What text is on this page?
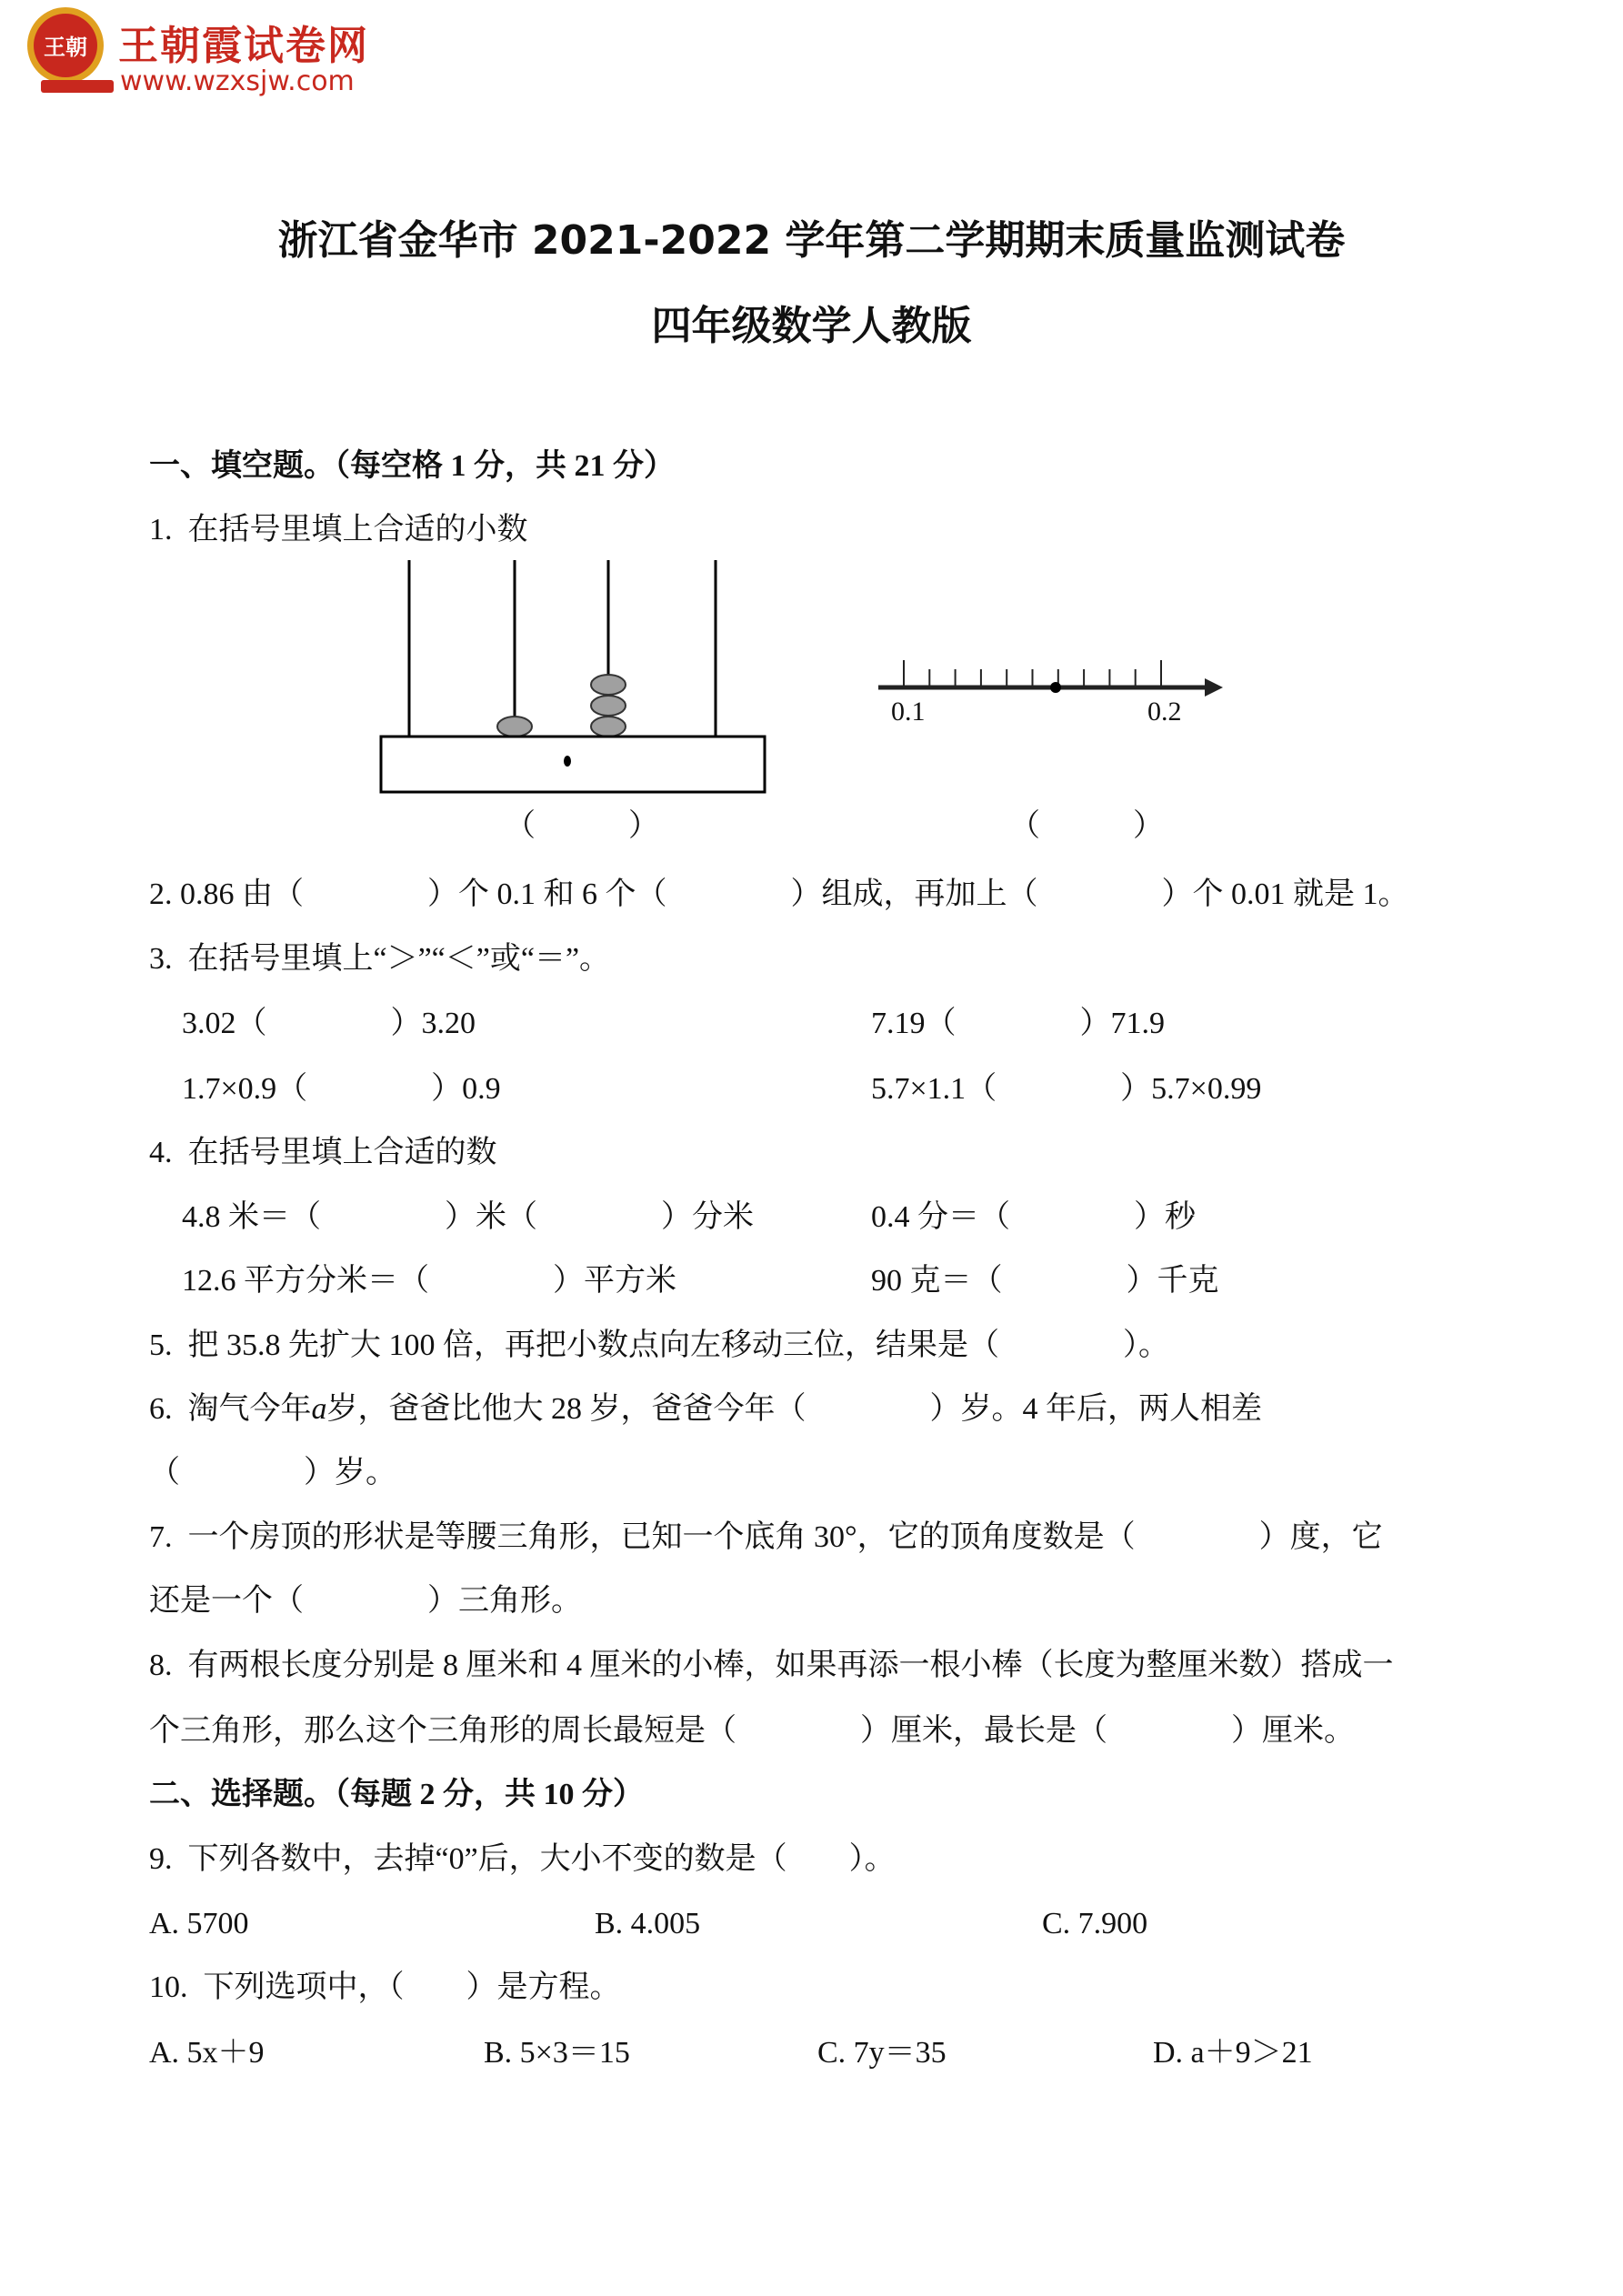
王朝 王朝霞试卷网
www.wzxsjw.com
浙江省金华市 2021-2022 学年第二学期期末质量监测试卷
四年级数学人教版
一、填空题。（每空格 1 分，共 21 分）
1.  在括号里填上合适的小数
0.1	0.2
（　　　）	（　　　）
2. 0.86 由（　　　　）个 0.1 和 6 个（　　　　）组成，再加上（　　　　）个 0.01 就是 1。
3.  在括号里填上“＞”“＜”或“＝”。
3.02（　　　　）3.20	7.19（　　　　）71.9
1.7×0.9（　　　　）0.9	5.7×1.1（　　　　）5.7×0.99
4.  在括号里填上合适的数
4.8 米＝（　　　　）米（　　　　）分米	0.4 分＝（　　　　）秒
12.6 平方分米＝（　　　　）平方米	90 克＝（　　　　）千克
5.  把 35.8 先扩大 100 倍，再把小数点向左移动三位，结果是（　　　　）。
6.  淘气今年a岁，爸爸比他大 28 岁，爸爸今年（　　　　）岁。4 年后，两人相差
（　　　　）岁。
7.  一个房顶的形状是等腰三角形，已知一个底角 30°，它的顶角度数是（　　　　）度，它
还是一个（　　　　）三角形。
8.  有两根长度分别是 8 厘米和 4 厘米的小棒，如果再添一根小棒（长度为整厘米数）搭成一
个三角形，那么这个三角形的周长最短是（　　　　）厘米，最长是（　　　　）厘米。
二、选择题。（每题 2 分，共 10 分）
9.  下列各数中，去掉“0”后，大小不变的数是（　　）。
A. 5700	B. 4.005	C. 7.900
10.  下列选项中，（　　）是方程。
A. 5x＋9	B. 5×3＝15	C. 7y＝35	D. a＋9＞21
